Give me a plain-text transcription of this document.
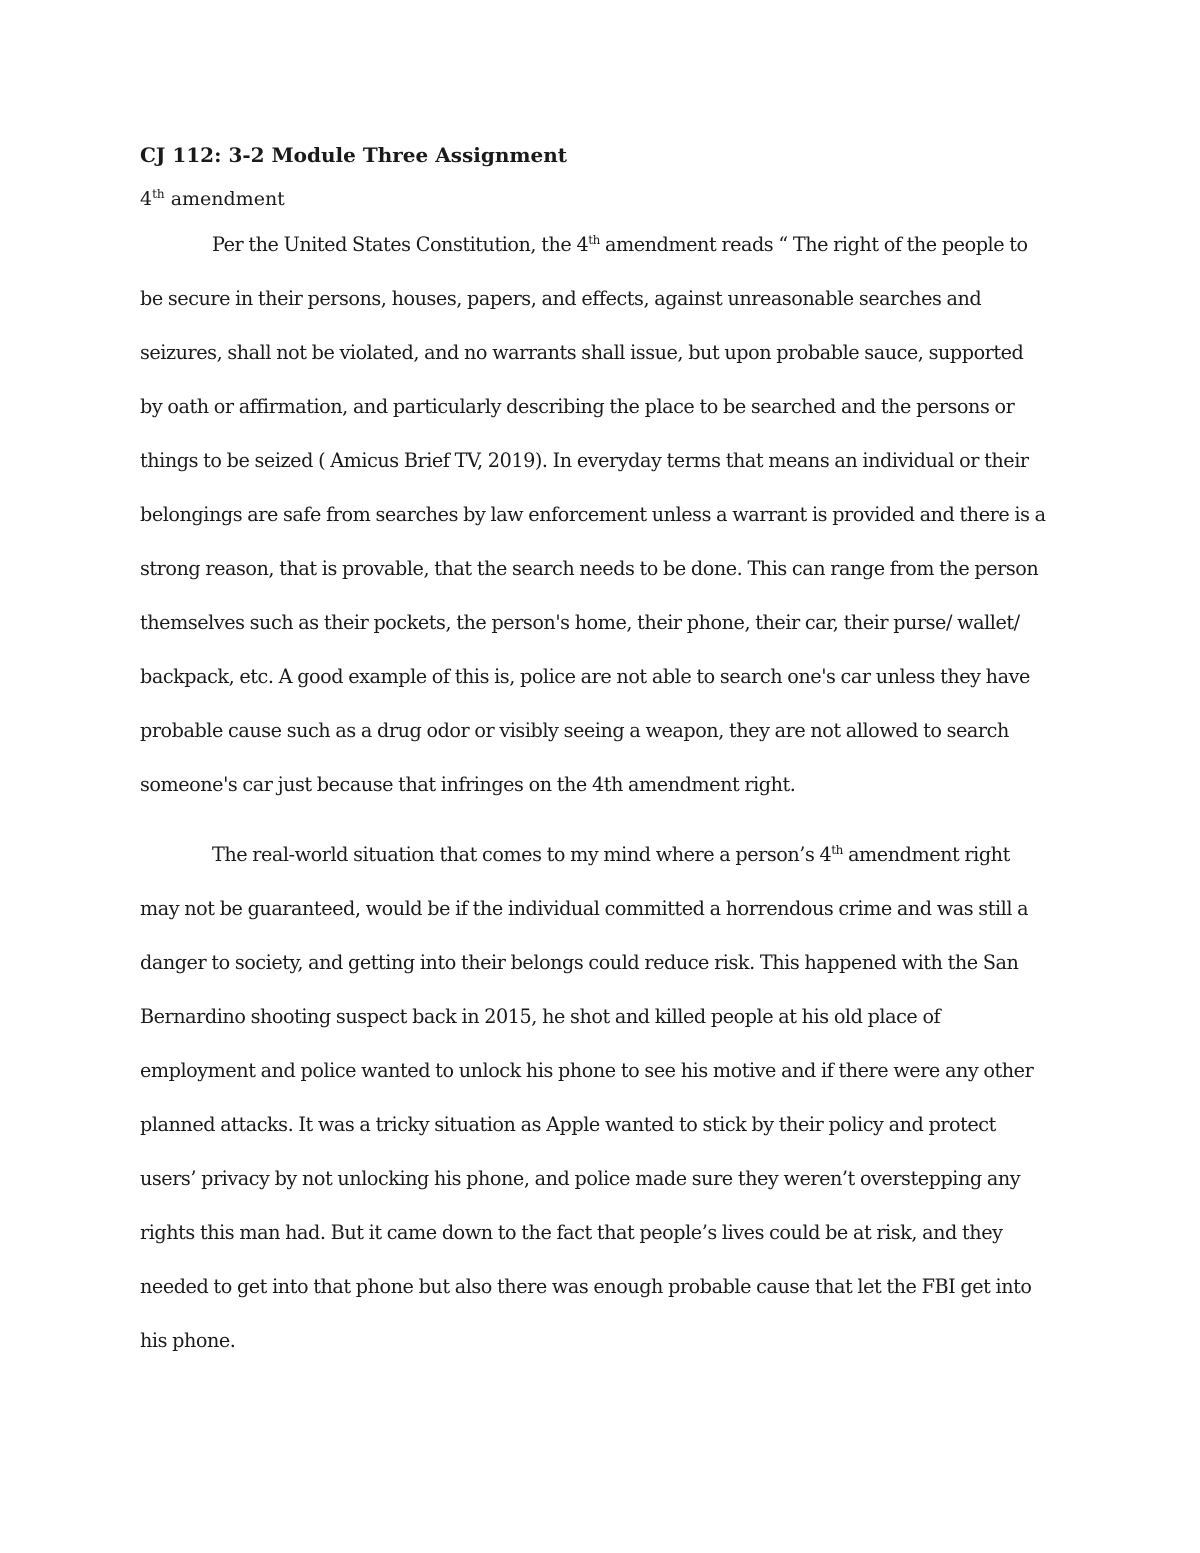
CJ 112: 3-2 Module Three Assignment
4th amendment
Per the United States Constitution, the 4th amendment reads “ The right of the people to
be secure in their persons, houses, papers, and effects, against unreasonable searches and
seizures, shall not be violated, and no warrants shall issue, but upon probable sauce, supported
by oath or affirmation, and particularly describing the place to be searched and the persons or
things to be seized ( Amicus Brief TV, 2019). In everyday terms that means an individual or their
belongings are safe from searches by law enforcement unless a warrant is provided and there is a
strong reason, that is provable, that the search needs to be done. This can range from the person
themselves such as their pockets, the person's home, their phone, their car, their purse/ wallet/
backpack, etc. A good example of this is, police are not able to search one's car unless they have
probable cause such as a drug odor or visibly seeing a weapon, they are not allowed to search
someone's car just because that infringes on the 4th amendment right.
The real-world situation that comes to my mind where a person’s 4th amendment right
may not be guaranteed, would be if the individual committed a horrendous crime and was still a
danger to society, and getting into their belongs could reduce risk. This happened with the San
Bernardino shooting suspect back in 2015, he shot and killed people at his old place of
employment and police wanted to unlock his phone to see his motive and if there were any other
planned attacks. It was a tricky situation as Apple wanted to stick by their policy and protect
users’ privacy by not unlocking his phone, and police made sure they weren’t overstepping any
rights this man had. But it came down to the fact that people’s lives could be at risk, and they
needed to get into that phone but also there was enough probable cause that let the FBI get into
his phone.
